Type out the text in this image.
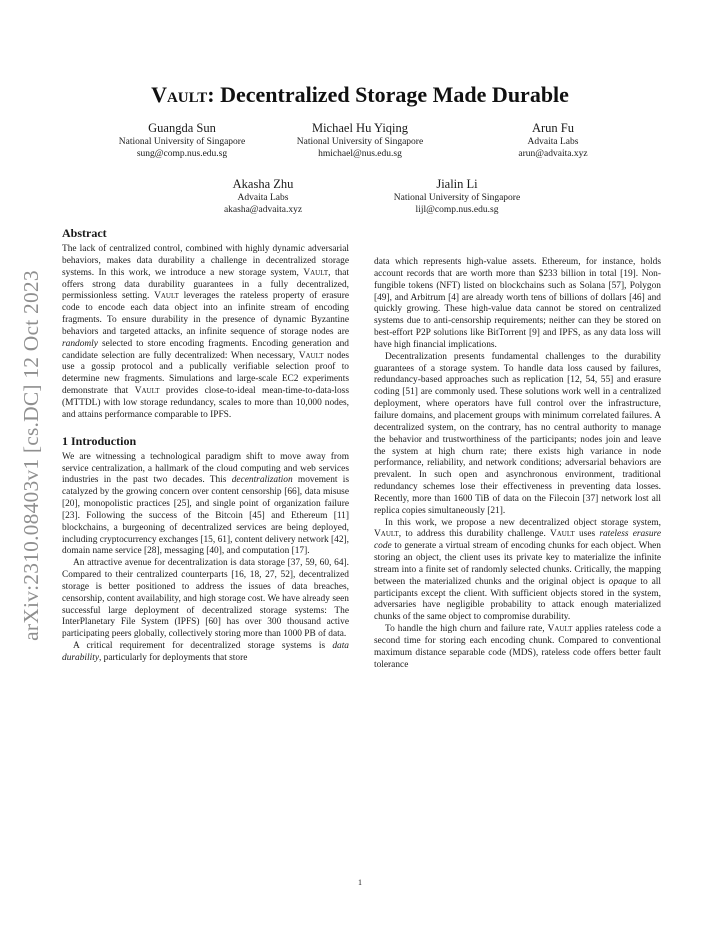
arXiv:2310.08403v1 [cs.DC] 12 Oct 2023
Vault: Decentralized Storage Made Durable
Guangda Sun
National University of Singapore
sung@comp.nus.edu.sg
Michael Hu Yiqing
National University of Singapore
hmichael@nus.edu.sg
Arun Fu
Advaita Labs
arun@advaita.xyz
Akasha Zhu
Advaita Labs
akasha@advaita.xyz
Jialin Li
National University of Singapore
lijl@comp.nus.edu.sg
Abstract

The lack of centralized control, combined with highly dynamic adversarial behaviors, makes data durability a challenge in decentralized storage systems. In this work, we introduce a new storage system, Vault, that offers strong data durability guarantees in a fully decentralized, permissionless setting. Vault leverages the rateless property of erasure code to encode each data object into an infinite stream of encoding fragments. To ensure durability in the presence of dynamic Byzantine behaviors and targeted attacks, an infinite sequence of storage nodes are randomly selected to store encoding fragments. Encoding generation and candidate selection are fully decentralized: When necessary, Vault nodes use a gossip protocol and a publically verifiable selection proof to determine new fragments. Simulations and large-scale EC2 experiments demonstrate that Vault provides close-to-ideal mean-time-to-data-loss (MTTDL) with low storage redundancy, scales to more than 10,000 nodes, and attains performance comparable to IPFS.

1 Introduction

We are witnessing a technological paradigm shift to move away from service centralization, a hallmark of the cloud computing and web services industries in the past two decades. This decentralization movement is catalyzed by the growing concern over content censorship [66], data misuse [20], monopolistic practices [25], and single point of organization failure [23]. Following the success of the Bitcoin [45] and Ethereum [11] blockchains, a burgeoning of decentralized services are being deployed, including cryptocurrency exchanges [15, 61], content delivery network [42], domain name service [28], messaging [40], and computation [17].

An attractive avenue for decentralization is data storage [37, 59, 60, 64]. Compared to their centralized counterparts [16, 18, 27, 52], decentralized storage is better positioned to address the issues of data breaches, censorship, content availability, and high storage cost. We have already seen successful large deployment of decentralized storage systems: The InterPlanetary File System (IPFS) [60] has over 300 thousand active participating peers globally, collectively storing more than 1000 PB of data.

A critical requirement for decentralized storage systems is data durability, particularly for deployments that store

data which represents high-value assets. Ethereum, for instance, holds account records that are worth more than $233 billion in total [19]. Non-fungible tokens (NFT) listed on blockchains such as Solana [57], Polygon [49], and Arbitrum [4] are already worth tens of billions of dollars [46] and quickly growing. These high-value data cannot be stored on centralized systems due to anti-censorship requirements; neither can they be stored on best-effort P2P solutions like BitTorrent [9] and IPFS, as any data loss will have high financial implications.

Decentralization presents fundamental challenges to the durability guarantees of a storage system. To handle data loss caused by failures, redundancy-based approaches such as replication [12, 54, 55] and erasure coding [51] are commonly used. These solutions work well in a centralized deployment, where operators have full control over the infrastructure, failure domains, and placement groups with minimum correlated failures. A decentralized system, on the contrary, has no central authority to manage the behavior and trustworthiness of the participants; nodes join and leave the system at high churn rate; there exists high variance in node performance, reliability, and network conditions; adversarial behaviors are prevalent. In such open and asynchronous environment, traditional redundancy schemes lose their effectiveness in preventing data losses. Recently, more than 1600 TiB of data on the Filecoin [37] network lost all replica copies simultaneously [21].

In this work, we propose a new decentralized object storage system, Vault, to address this durability challenge. Vault uses rateless erasure code to generate a virtual stream of encoding chunks for each object. When storing an object, the client uses its private key to materialize the infinite stream into a finite set of randomly selected chunks. Critically, the mapping between the materialized chunks and the original object is opaque to all participants except the client. With sufficient objects stored in the system, adversaries have negligible probability to attack enough materialized chunks of the same object to compromise durability.

To handle the high churn and failure rate, Vault applies rateless code a second time for storing each encoding chunk. Compared to conventional maximum distance separable code (MDS), rateless code offers better fault tolerance

1
